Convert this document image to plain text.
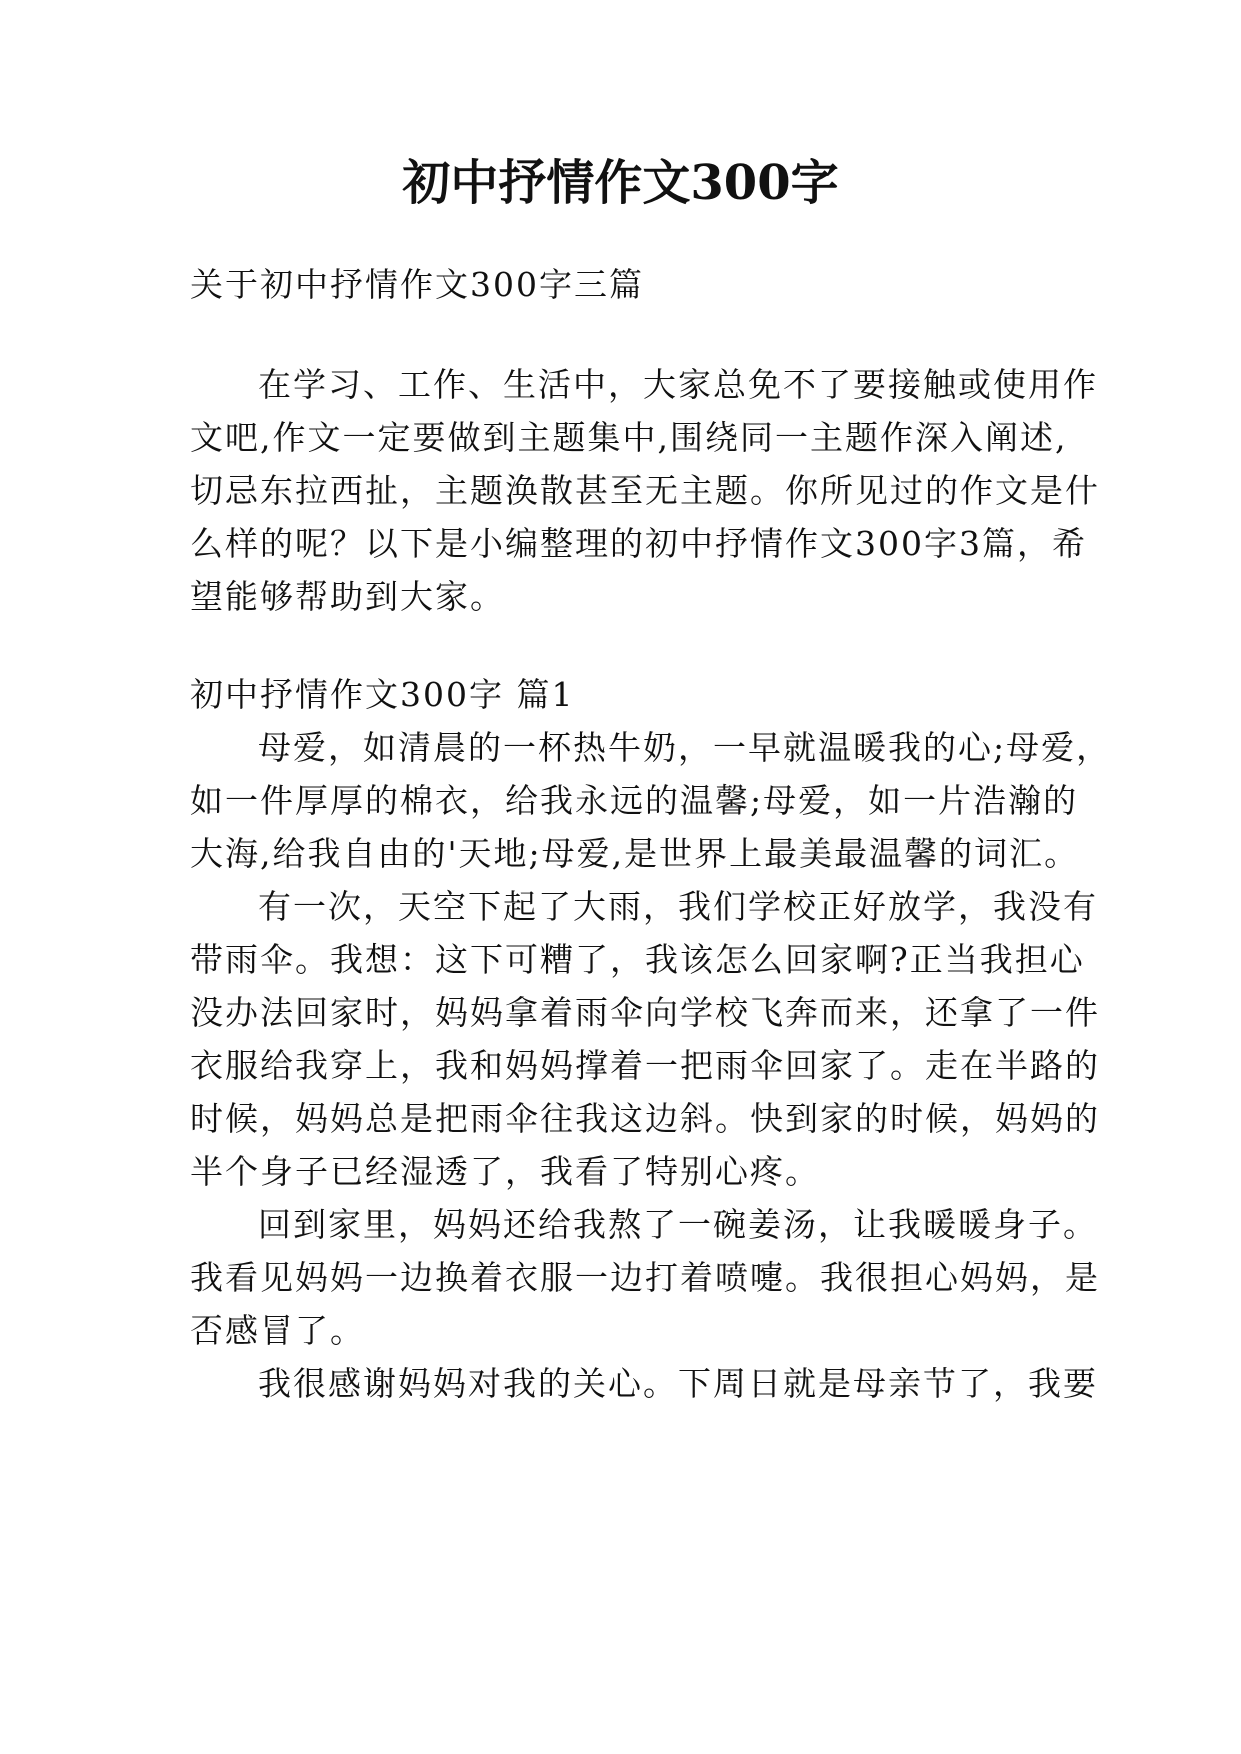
初中抒情作文300字
关于初中抒情作文300字三篇
在学习、工作、生活中，大家总免不了要接触或使用作
文吧,作文一定要做到主题集中,围绕同一主题作深入阐述,
切忌东拉西扯，主题涣散甚至无主题。你所见过的作文是什
么样的呢？以下是小编整理的初中抒情作文300字3篇，希
望能够帮助到大家。
初中抒情作文300字 篇1
母爱，如清晨的一杯热牛奶，一早就温暖我的心;母爱，
如一件厚厚的棉衣，给我永远的温馨;母爱，如一片浩瀚的
大海,给我自由的'天地;母爱,是世界上最美最温馨的词汇。
有一次，天空下起了大雨，我们学校正好放学，我没有
带雨伞。我想：这下可糟了，我该怎么回家啊?正当我担心
没办法回家时，妈妈拿着雨伞向学校飞奔而来，还拿了一件
衣服给我穿上，我和妈妈撑着一把雨伞回家了。走在半路的
时候，妈妈总是把雨伞往我这边斜。快到家的时候，妈妈的
半个身子已经湿透了，我看了特别心疼。
回到家里，妈妈还给我熬了一碗姜汤，让我暖暖身子。
我看见妈妈一边换着衣服一边打着喷嚏。我很担心妈妈，是
否感冒了。
我很感谢妈妈对我的关心。下周日就是母亲节了，我要
